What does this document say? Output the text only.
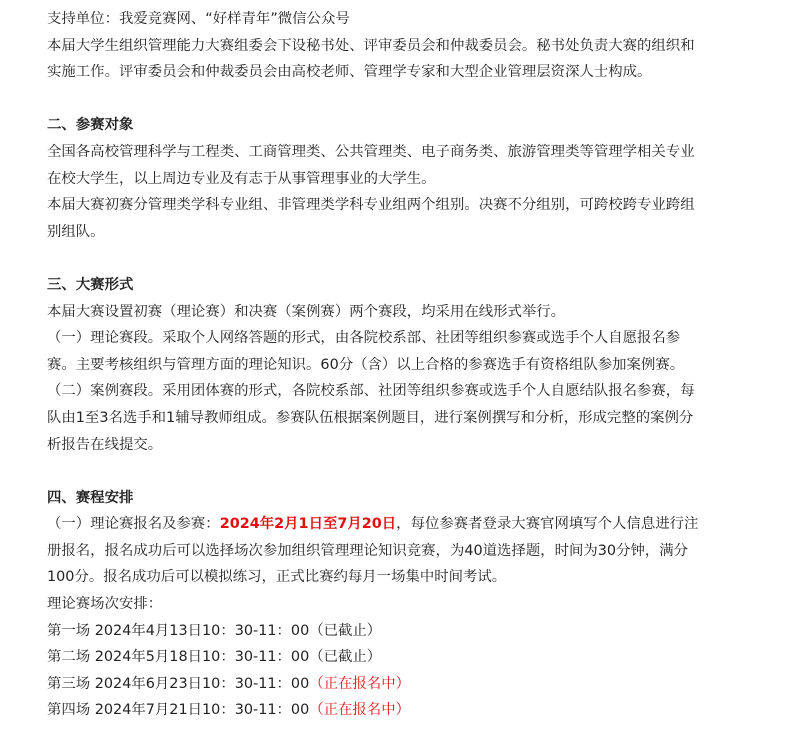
支持单位：我爱竞赛网、“好样青年”微信公众号

本届大学生组织管理能力大赛组委会下设秘书处、评审委员会和仲裁委员会。秘书处负责大赛的组织和

实施工作。评审委员会和仲裁委员会由高校老师、管理学专家和大型企业管理层资深人士构成。

二、参赛对象

全国各高校管理科学与工程类、工商管理类、公共管理类、电子商务类、旅游管理类等管理学相关专业

在校大学生，以上周边专业及有志于从事管理事业的大学生。

本届大赛初赛分管理类学科专业组、非管理类学科专业组两个组别。决赛不分组别，可跨校跨专业跨组

别组队。

三、大赛形式

本届大赛设置初赛（理论赛）和决赛（案例赛）两个赛段，均采用在线形式举行。

（一）理论赛段。采取个人网络答题的形式，由各院校系部、社团等组织参赛或选手个人自愿报名参

赛。主要考核组织与管理方面的理论知识。60分（含）以上合格的参赛选手有资格组队参加案例赛。

（二）案例赛段。采用团体赛的形式，各院校系部、社团等组织参赛或选手个人自愿结队报名参赛，每

队由1至3名选手和1辅导教师组成。参赛队伍根据案例题目，进行案例撰写和分析，形成完整的案例分

析报告在线提交。

四、赛程安排

（一）理论赛报名及参赛：2024年2月1日至7月20日，每位参赛者登录大赛官网填写个人信息进行注

册报名，报名成功后可以选择场次参加组织管理理论知识竞赛，为40道选择题，时间为30分钟，满分

100分。报名成功后可以模拟练习，正式比赛约每月一场集中时间考试。

理论赛场次安排：

第一场 2024年4月13日10：30-11：00（已截止）

第二场 2024年5月18日10：30-11：00（已截止）

第三场 2024年6月23日10：30-11：00（正在报名中）

第四场 2024年7月21日10：30-11：00（正在报名中）
